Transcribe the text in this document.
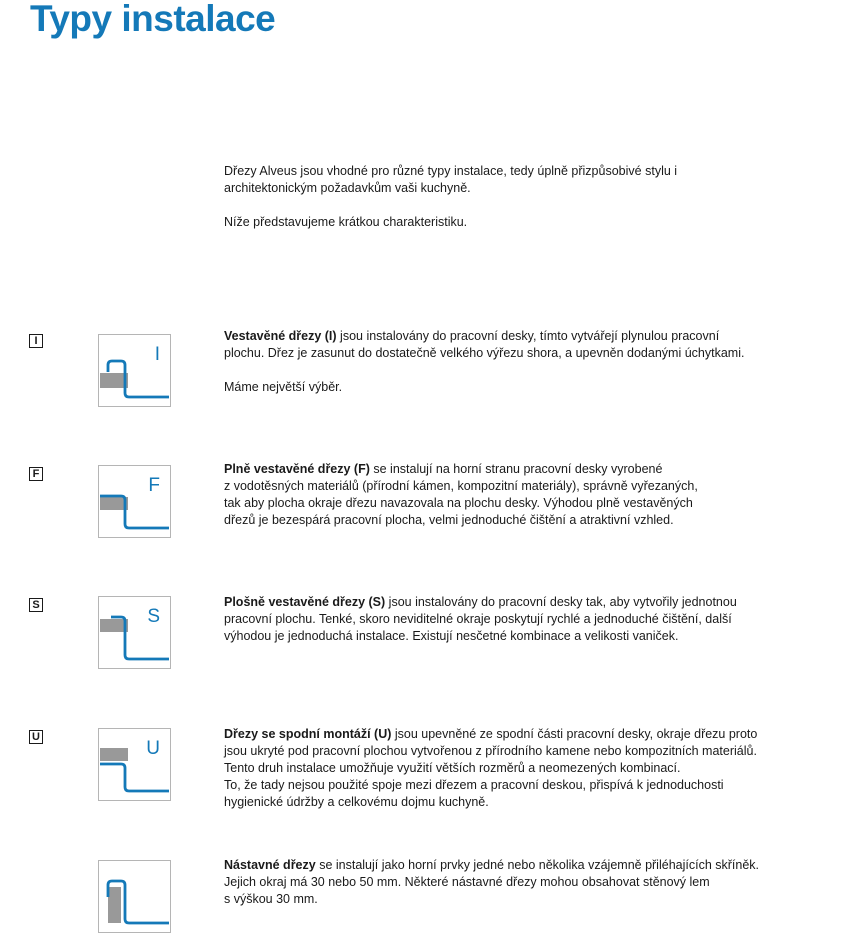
Typy instalace

Dřezy Alveus jsou vhodné pro různé typy instalace, tedy úplně přizpůsobivé stylu i architektonickým požadavkům vaši kuchyně.

Níže představujeme krátkou charakteristiku.

I
I

Vestavěné dřezy (I) jsou instalovány do pracovní desky, tímto vytvářejí plynulou pracovní
plochu. Dřez je zasunut do dostatečně velkého výřezu shora, a upevněn dodanými úchytkami.

Máme největší výběr.

F
F

Plně vestavěné dřezy (F) se instalují na horní stranu pracovní desky vyrobené
z vodotěsných materiálů (přírodní kámen, kompozitní materiály), správně vyřezaných,
tak aby plocha okraje dřezu navazovala na plochu desky. Výhodou plně vestavěných
dřezů je bezespárá pracovní plocha, velmi jednoduché čištění a atraktivní vzhled.

S
S

Plošně vestavěné dřezy (S) jsou instalovány do pracovní desky tak, aby vytvořily jednotnou
pracovní plochu. Tenké, skoro neviditelné okraje poskytují rychlé a jednoduché čištění, další
výhodou je jednoduchá instalace. Existují nesčetné kombinace a velikosti vaniček.

U
U

Dřezy se spodní montáží (U) jsou upevněné ze spodní části pracovní desky, okraje dřezu proto
jsou ukryté pod pracovní plochou vytvořenou z přírodního kamene nebo kompozitních materiálů.
Tento druh instalace umožňuje využití větších rozměrů a neomezených kombinací.
To, že tady nejsou použité spoje mezi dřezem a pracovní deskou, přispívá k jednoduchosti
hygienické údržby a celkovému dojmu kuchyně.

Nástavné dřezy se instalují jako horní prvky jedné nebo několika vzájemně přiléhajících skříněk.
Jejich okraj má 30 nebo 50 mm. Některé nástavné dřezy mohou obsahovat stěnový lem
s výškou 30 mm.
